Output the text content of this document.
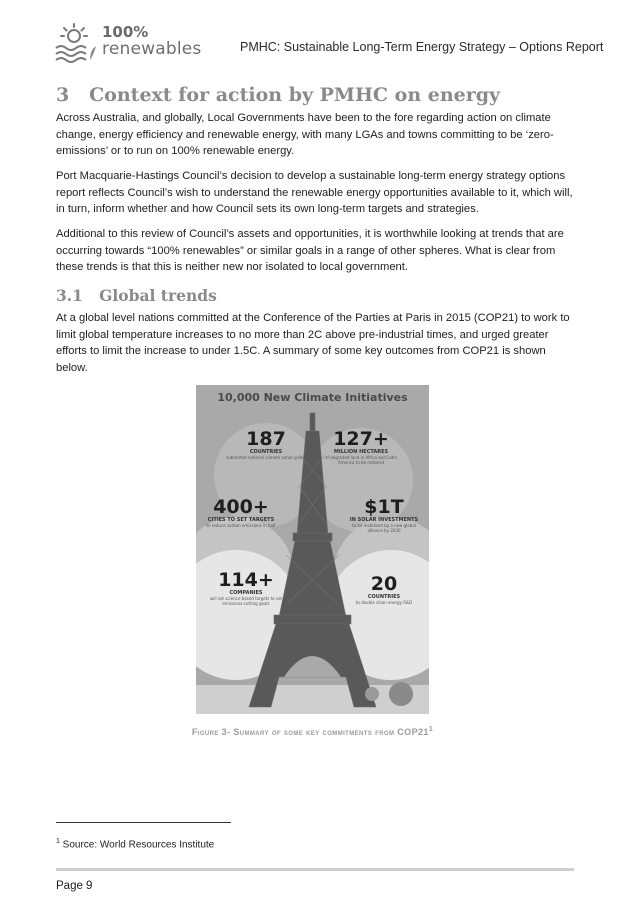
100%
renewables	PMHC: Sustainable Long-Term Energy Strategy – Options Report
3   Context for action by PMHC on energy

Across Australia, and globally, Local Governments have been to the fore regarding action on climate change, energy efficiency and renewable energy, with many LGAs and towns committing to be ‘zero-emissions’ or to run on 100% renewable energy.

Port Macquarie-Hastings Council’s decision to develop a sustainable long-term energy strategy options report reflects Council’s wish to understand the renewable energy opportunities available to it, which will, in turn, inform whether and how Council sets its own long-term targets and strategies.

Additional to this review of Council’s assets and opportunities, it is worthwhile looking at trends that are occurring towards “100% renewables” or similar goals in a range of other spheres. What is clear from these trends is that this is neither new nor isolated to local government.

3.1   Global trends

At a global level nations committed at the Conference of the Parties at Paris in 2015 (COP21) to work to limit global temperature increases to no more than 2C above pre-industrial times, and urged greater efforts to limit the increase to under 1.5C. A summary of some key outcomes from COP21 is shown below.

10,000 New Climate Initiatives
187
COUNTRIES
submitted national climate action plans
127+
MILLION HECTARES
of degraded land in Africa and Latin America to be restored
400+
CITIES TO SET TARGETS
to reduce carbon emissions in half
$1T
IN SOLAR INVESTMENTS
to be mobilized by a new global alliance by 2030
114+
COMPANIES
will set science-based targets to set emissions-cutting goals
20
COUNTRIES
to double clean energy R&D
Figure 3- Summary of some key commitments from $COP21^1$
$^1$ Source: World Resources Institute
Page 9
